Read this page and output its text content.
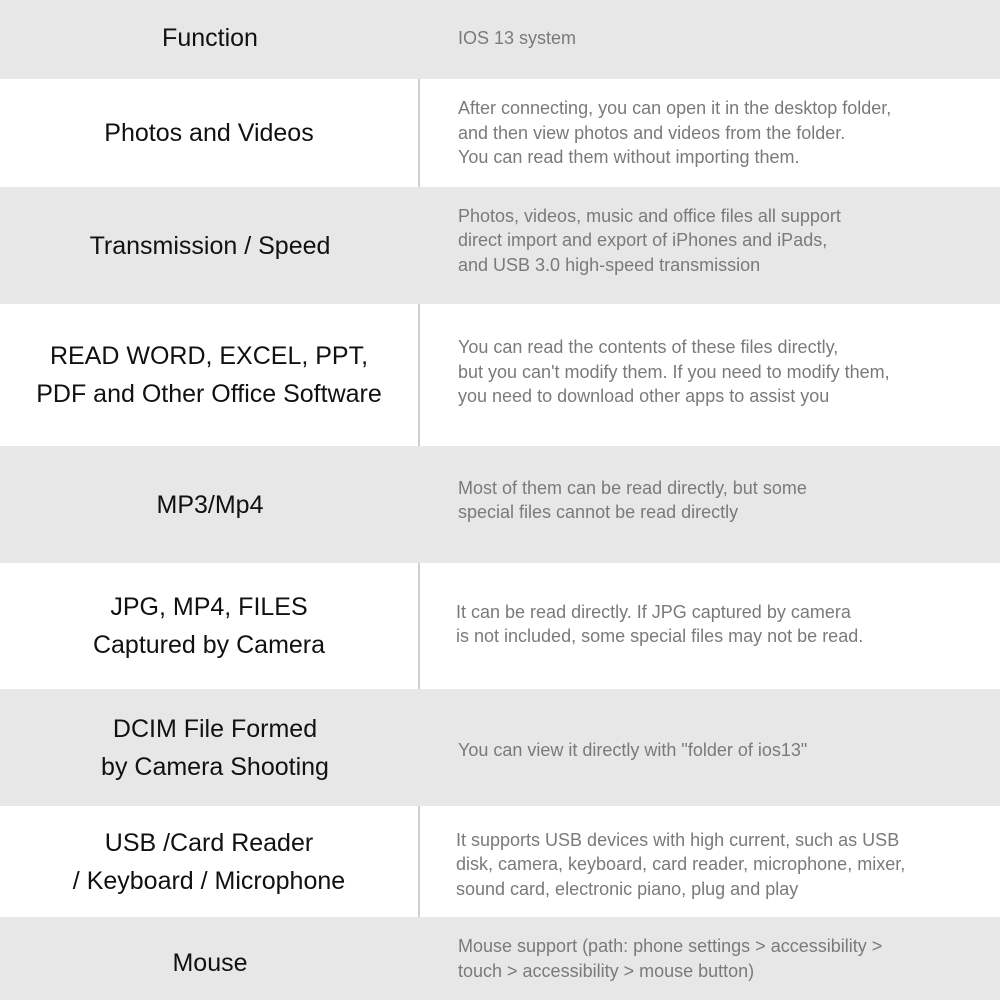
Function	IOS 13 system
Photos and Videos
After connecting, you can open it in the desktop folder,
and then view photos and videos from the folder.
You can read them without importing them.
Transmission / Speed
Photos, videos, music and office files all support
direct import and export of iPhones and iPads,
and USB 3.0 high-speed transmission
READ WORD, EXCEL, PPT,
PDF and Other Office Software
You can read the contents of these files directly,
but you can't modify them. If you need to modify them,
you need to download other apps to assist you
MP3/Mp4
Most of them can be read directly, but some
special files cannot be read directly
JPG, MP4, FILES
Captured by Camera
It can be read directly. If JPG captured by camera
is not included, some special files may not be read.
DCIM File Formed
by Camera Shooting
You can view it directly with "folder of ios13"
USB /Card Reader
/ Keyboard / Microphone
It supports USB devices with high current, such as USB
disk, camera, keyboard, card reader, microphone, mixer,
sound card, electronic piano, plug and play
Mouse
Mouse support (path: phone settings > accessibility >
touch > accessibility > mouse button)
